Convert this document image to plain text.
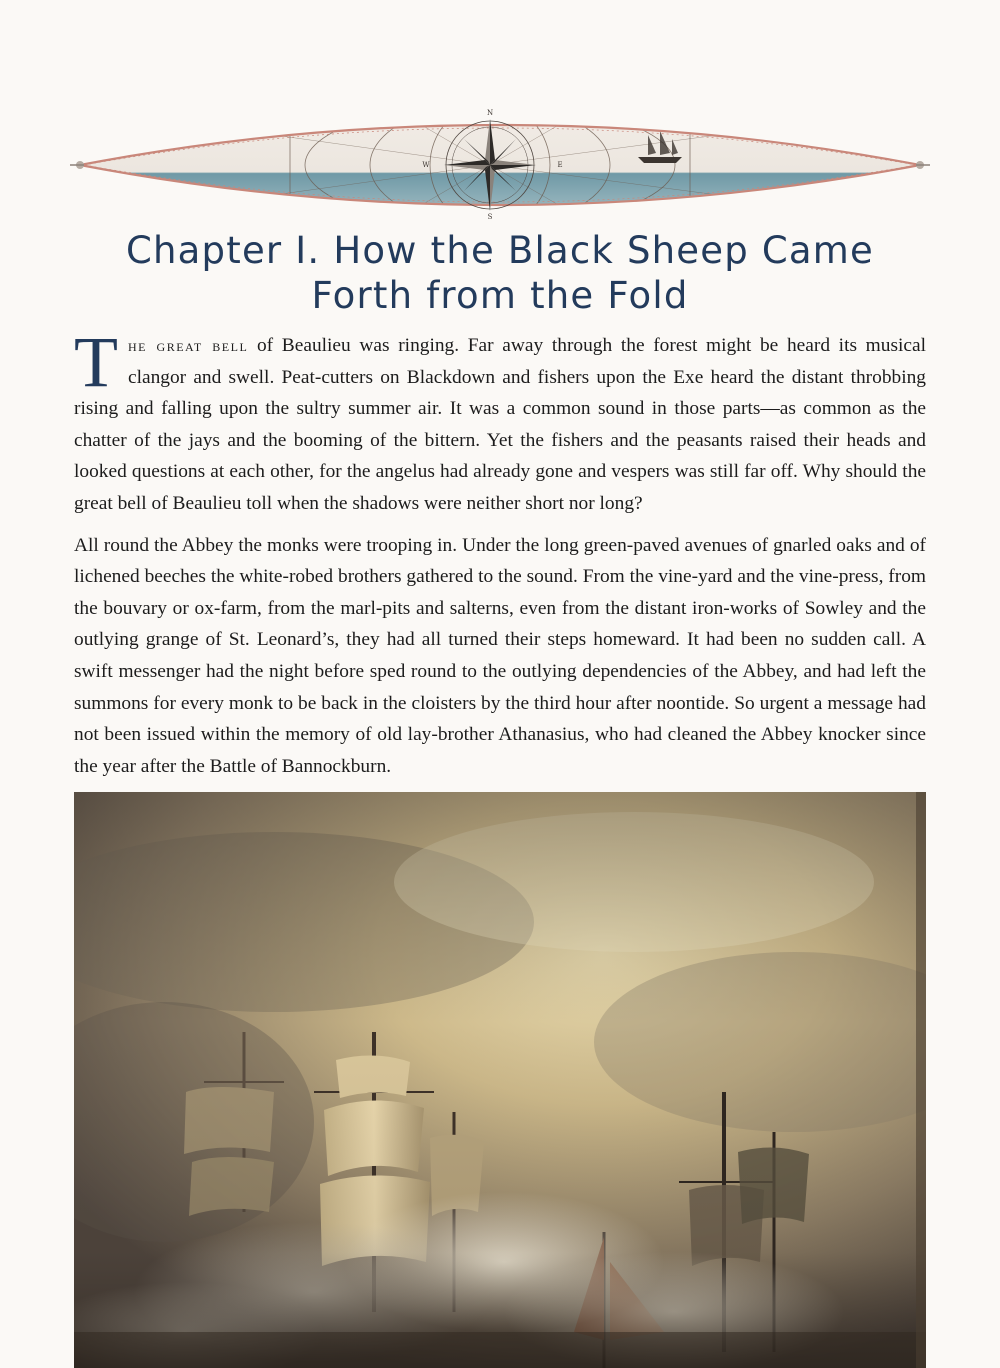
N
S
E
W
Chapter I. How the Black Sheep Came Forth from the Fold

The great bell of Beaulieu was ringing. Far away through the forest might be heard its musical clangor and swell. Peat-cutters on Blackdown and fishers upon the Exe heard the distant throbbing rising and falling upon the sultry summer air. It was a common sound in those parts—as common as the chatter of the jays and the booming of the bittern. Yet the fishers and the peasants raised their heads and looked questions at each other, for the angelus had already gone and vespers was still far off. Why should the great bell of Beaulieu toll when the shadows were neither short nor long?

All round the Abbey the monks were trooping in. Under the long green-paved avenues of gnarled oaks and of lichened beeches the white-robed brothers gathered to the sound. From the vine-yard and the vine-press, from the bouvary or ox-farm, from the marl-pits and salterns, even from the distant iron-works of Sowley and the outlying grange of St. Leonard’s, they had all turned their steps homeward. It had been no sudden call. A swift messenger had the night before sped round to the outlying dependencies of the Abbey, and had left the summons for every monk to be back in the cloisters by the third hour after noontide. So urgent a message had not been issued within the memory of old lay-brother Athanasius, who had cleaned the Abbey knocker since the year after the Battle of Bannockburn.
